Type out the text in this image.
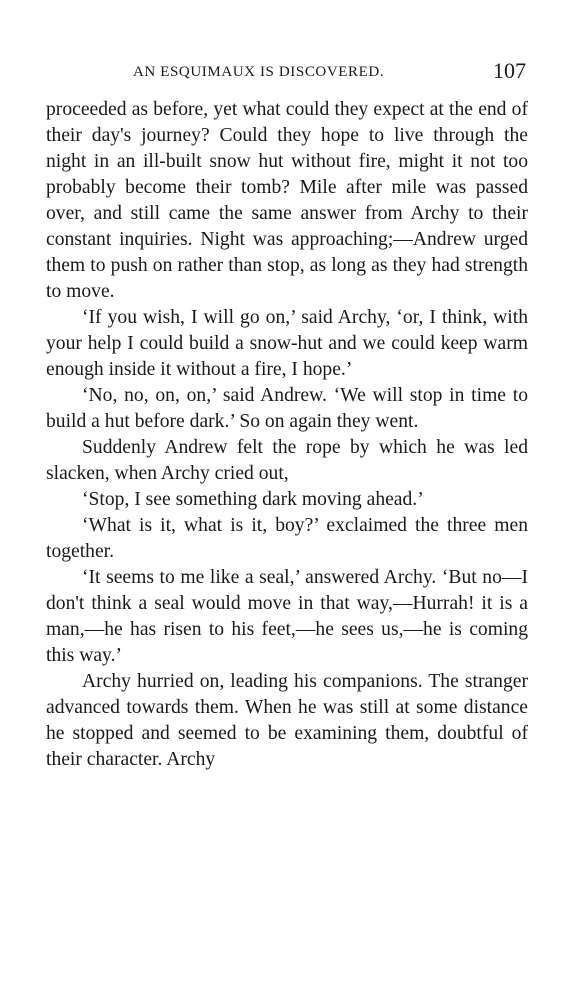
AN ESQUIMAUX IS DISCOVERED.	107

proceeded as before, yet what could they expect at the end of their day's journey? Could they hope to live through the night in an ill-built snow hut without fire, might it not too probably become their tomb? Mile after mile was passed over, and still came the same answer from Archy to their constant inquiries. Night was approaching;—Andrew urged them to push on rather than stop, as long as they had strength to move.

‘If you wish, I will go on,’ said Archy, ‘or, I think, with your help I could build a snow-hut and we could keep warm enough inside it without a fire, I hope.’

‘No, no, on, on,’ said Andrew. ‘We will stop in time to build a hut before dark.’ So on again they went.

Suddenly Andrew felt the rope by which he was led slacken, when Archy cried out,

‘Stop, I see something dark moving ahead.’

‘What is it, what is it, boy?’ exclaimed the three men together.

‘It seems to me like a seal,’ answered Archy. ‘But no—I don't think a seal would move in that way,—Hurrah! it is a man,—he has risen to his feet,—he sees us,—he is coming this way.’

Archy hurried on, leading his companions. The stranger advanced towards them. When he was still at some distance he stopped and seemed to be examining them, doubtful of their character. Archy
